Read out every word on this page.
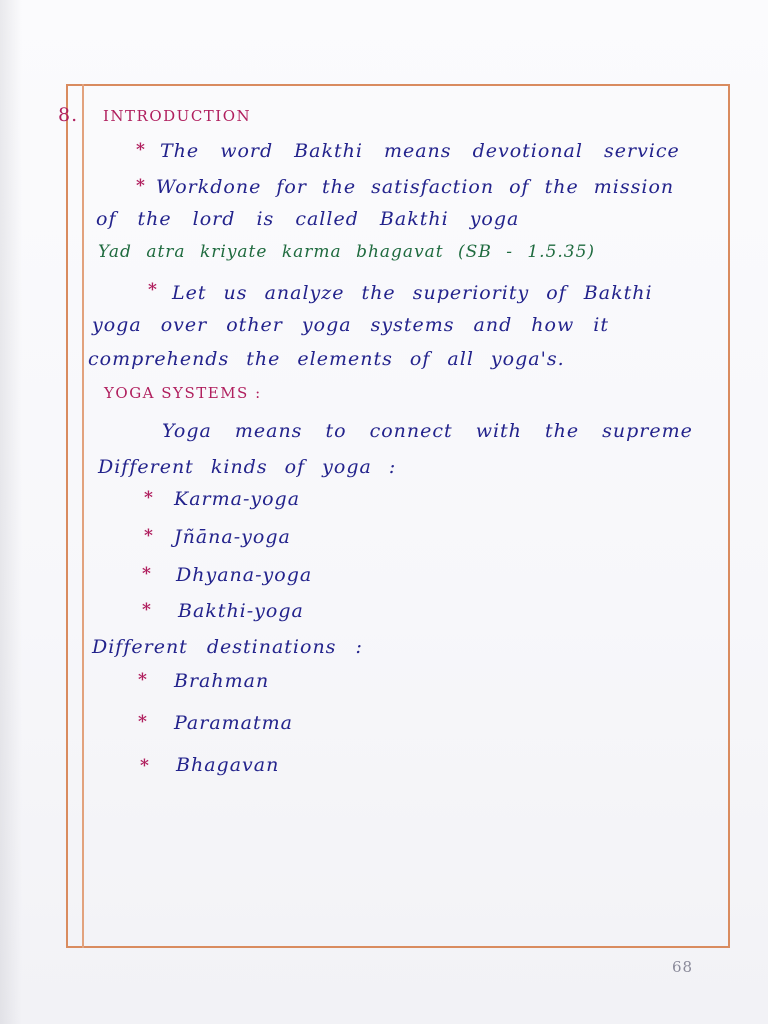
8. INTRODUCTION
* The word Bakthi means devotional service
* Workdone for the satisfaction of the mission
of the lord is called Bakthi yoga
Yad atra kriyate karma bhagavat (SB - 1.5.35)
* Let us analyze the superiority of Bakthi
yoga over other yoga systems and how it
comprehends the elements of all yoga's.
YOGA SYSTEMS :
Yoga means to connect with the supreme
Different kinds of yoga :
* Karma-yoga
* Jñāna-yoga
* Dhyana-yoga
* Bakthi-yoga
Different destinations :
* Brahman
* Paramatma
* Bhagavan
68
